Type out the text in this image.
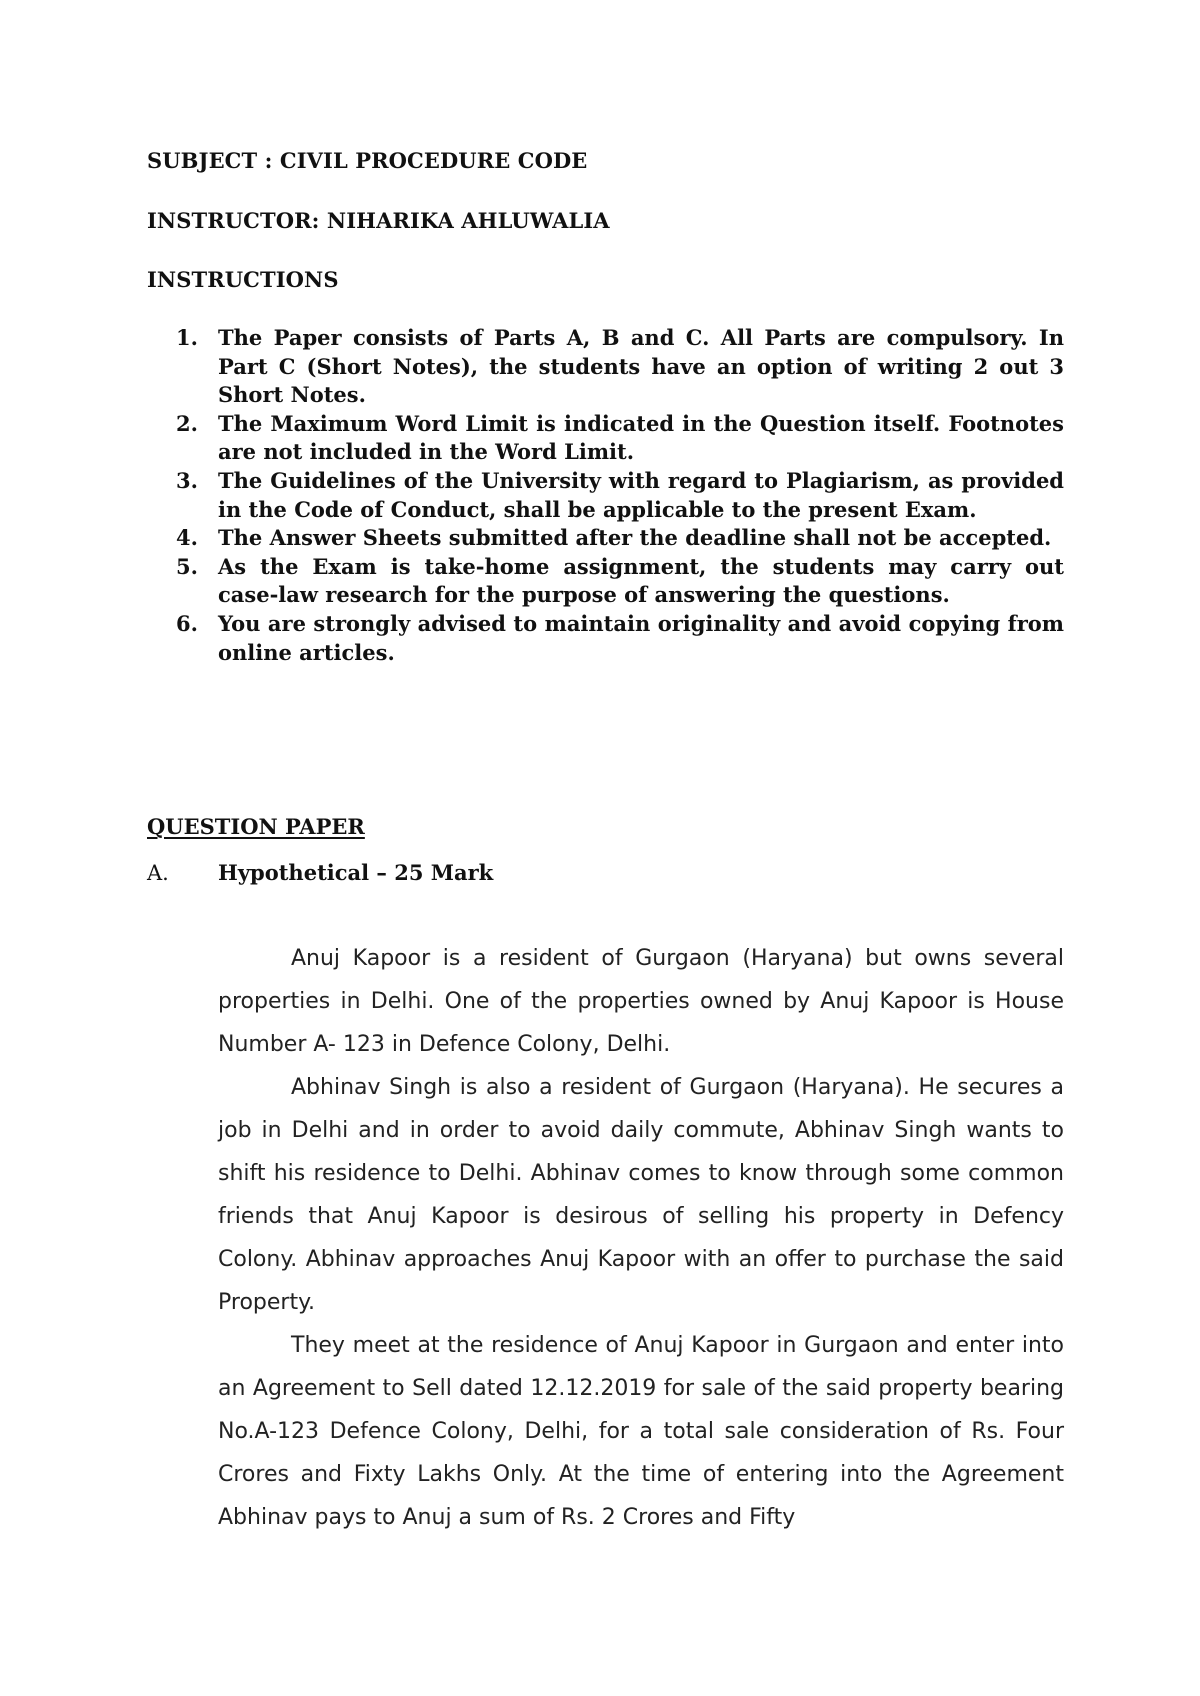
SUBJECT : CIVIL PROCEDURE CODE
INSTRUCTOR: NIHARIKA AHLUWALIA
INSTRUCTIONS
1. The Paper consists of Parts A, B and C. All Parts are compulsory. In Part C (Short Notes), the students have an option of writing 2 out 3 Short Notes.
2. The Maximum Word Limit is indicated in the Question itself. Footnotes are not included in the Word Limit.
3. The Guidelines of the University with regard to Plagiarism, as provided in the Code of Conduct, shall be applicable to the present Exam.
4. The Answer Sheets submitted after the deadline shall not be accepted.
5. As the Exam is take-home assignment, the students may carry out case-law research for the purpose of answering the questions.
6. You are strongly advised to maintain originality and avoid copying from online articles.
QUESTION PAPER
A. Hypothetical – 25 Mark

Anuj Kapoor is a resident of Gurgaon (Haryana) but owns several properties in Delhi. One of the properties owned by Anuj Kapoor is House Number A- 123 in Defence Colony, Delhi.

Abhinav Singh is also a resident of Gurgaon (Haryana). He secures a job in Delhi and in order to avoid daily commute, Abhinav Singh wants to shift his residence to Delhi. Abhinav comes to know through some common friends that Anuj Kapoor is desirous of selling his property in Defency Colony. Abhinav approaches Anuj Kapoor with an offer to purchase the said Property.

They meet at the residence of Anuj Kapoor in Gurgaon and enter into an Agreement to Sell dated 12.12.2019 for sale of the said property bearing No.A-123 Defence Colony, Delhi, for a total sale consideration of Rs. Four Crores and Fixty Lakhs Only. At the time of entering into the Agreement Abhinav pays to Anuj a sum of Rs. 2 Crores and Fifty
